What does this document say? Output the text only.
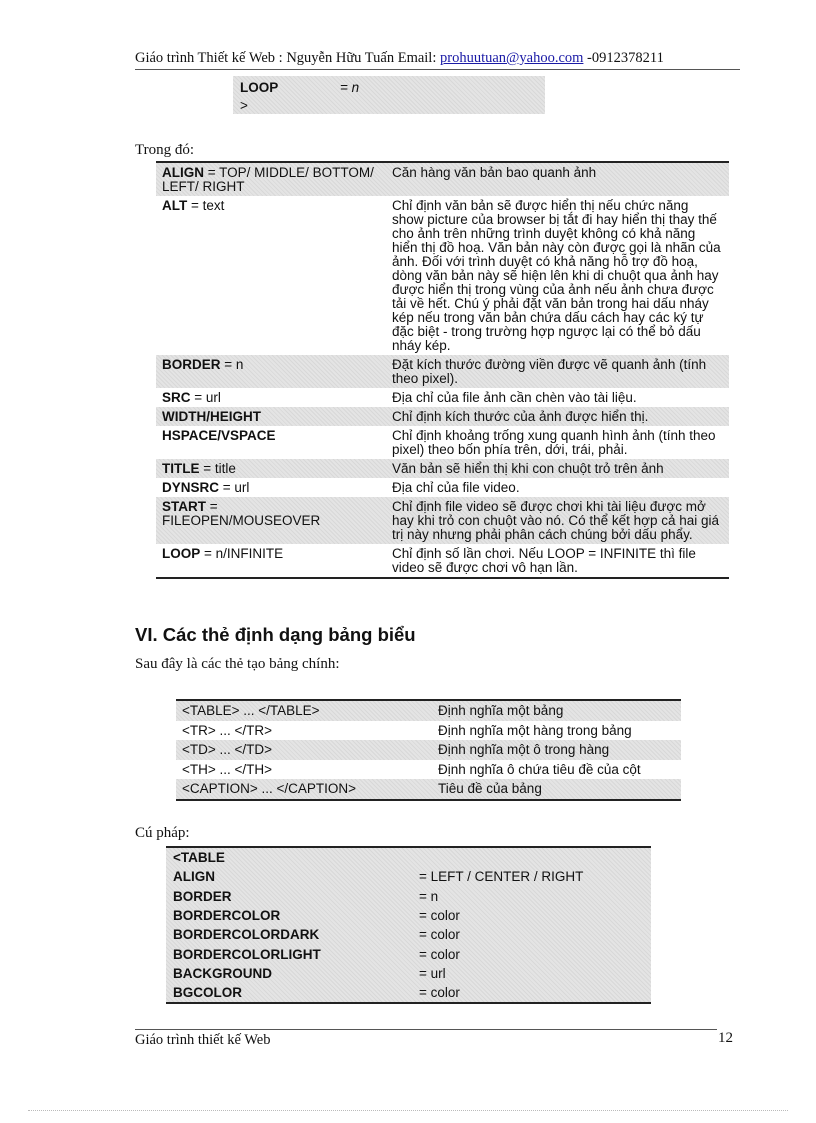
Giáo trình Thiết kế Web : Nguyễn Hữu Tuấn Email: prohuutuan@yahoo.com -0912378211
LOOP	= n
>
Trong đó:
ALIGN = TOP/ MIDDLE/ BOTTOM/ LEFT/ RIGHT	Căn hàng văn bản bao quanh ảnh
ALT = text	Chỉ định văn bản sẽ được hiển thị nếu chức năng show picture của browser bị tắt đi hay hiển thị thay thế cho ảnh trên những trình duyệt không có khả năng hiển thị đồ hoạ. Văn bản này còn được gọi là nhãn của ảnh. Đối với trình duyệt có khả năng hỗ trợ đồ hoạ, dòng văn bản này sẽ hiện lên khi di chuột qua ảnh hay được hiển thị trong vùng của ảnh nếu ảnh chưa được tải về hết. Chú ý phải đặt văn bản trong hai dấu nháy kép nếu trong văn bản chứa dấu cách hay các ký tự đặc biệt - trong trường hợp ngược lại có thể bỏ dấu nháy kép.
BORDER = n	Đặt kích thước đường viền được vẽ quanh ảnh (tính theo pixel).
SRC = url	Địa chỉ của file ảnh cần chèn vào tài liệu.
WIDTH/HEIGHT	Chỉ định kích thước của ảnh được hiển thị.
HSPACE/VSPACE	Chỉ định khoảng trống xung quanh hình ảnh (tính theo pixel) theo bốn phía trên, dới, trái, phải.
TITLE = title	Văn bản sẽ hiển thị khi con chuột trỏ trên ảnh
DYNSRC = url	Địa chỉ của file video.
START = FILEOPEN/MOUSEOVER	Chỉ định file video sẽ được chơi khi tài liệu được mở hay khi trỏ con chuột vào nó. Có thể kết hợp cả hai giá trị này nhưng phải phân cách chúng bởi dấu phẩy.
LOOP = n/INFINITE	Chỉ định số lần chơi. Nếu LOOP = INFINITE thì file video sẽ được chơi vô hạn lần.
VI. Các thẻ định dạng bảng biểu
Sau đây là các thẻ tạo bảng chính:
<TABLE> ... </TABLE>	Định nghĩa một bảng
<TR> ... </TR>	Định nghĩa một hàng trong bảng
<TD> ... </TD>	Định nghĩa một ô trong hàng
<TH> ... </TH>	Định nghĩa ô chứa tiêu đề của cột
<CAPTION> ... </CAPTION>	Tiêu đề của bảng
Cú pháp:
<TABLE	
ALIGN	= LEFT / CENTER / RIGHT
BORDER	= n
BORDERCOLOR	= color
BORDERCOLORDARK	= color
BORDERCOLORLIGHT	= color
BACKGROUND	= url
BGCOLOR	= color
Giáo trình thiết kế Web	12
